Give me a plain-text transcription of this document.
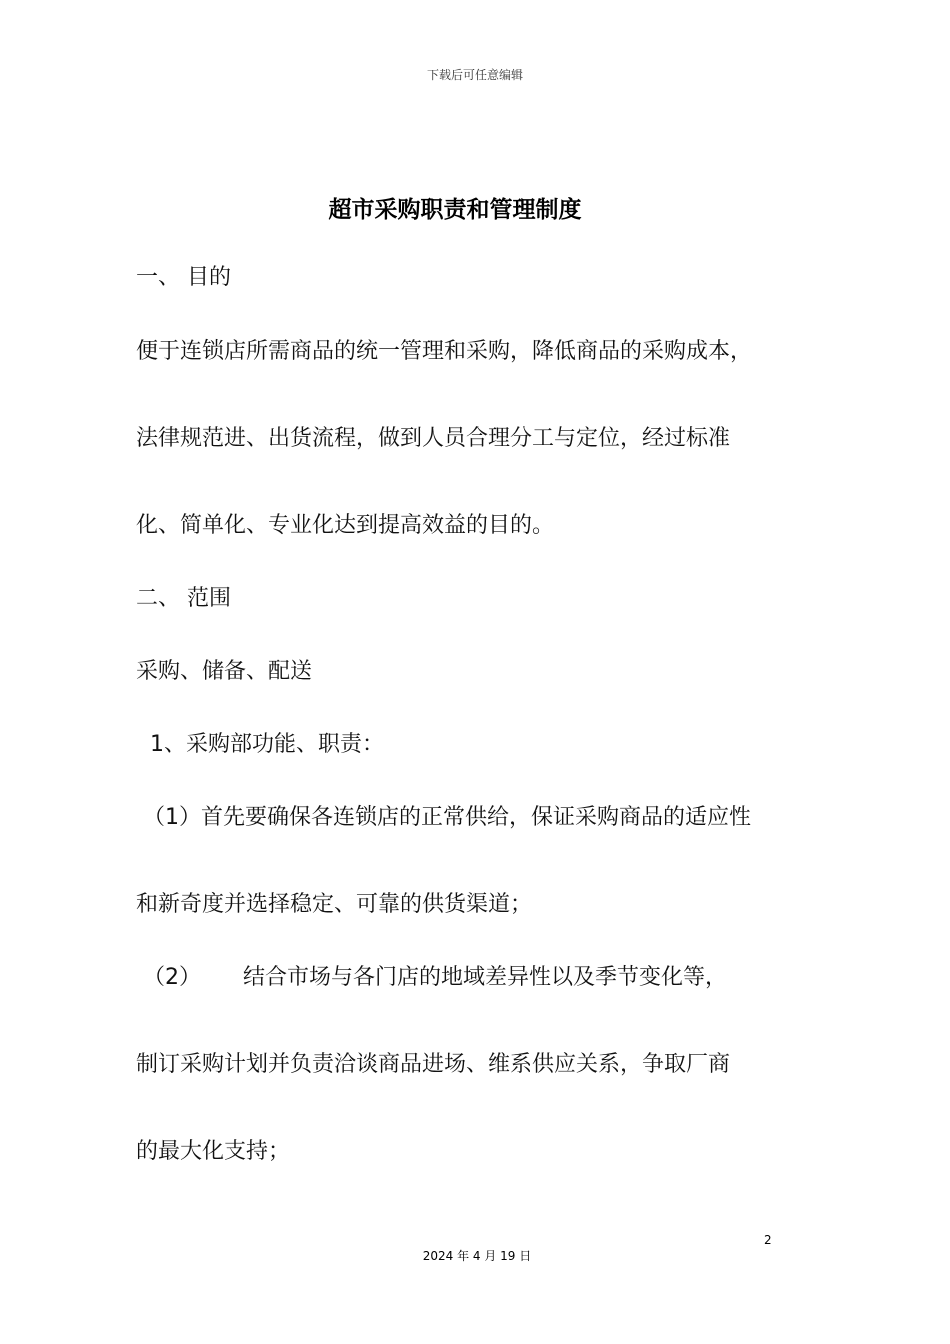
下载后可任意编辑
超市采购职责和管理制度
一、 目的
便于连锁店所需商品的统一管理和采购，降低商品的采购成本，
法律规范进、出货流程，做到人员合理分工与定位，经过标准
化、简单化、专业化达到提高效益的目的。
二、 范围
采购、储备、配送
1、采购部功能、职责：
（1）首先要确保各连锁店的正常供给，保证采购商品的适应性
和新奇度并选择稳定、可靠的供货渠道；
（2）      结合市场与各门店的地域差异性以及季节变化等，
制订采购计划并负责洽谈商品进场、维系供应关系，争取厂商
的最大化支持；
2
2024 年 4 月 19 日
